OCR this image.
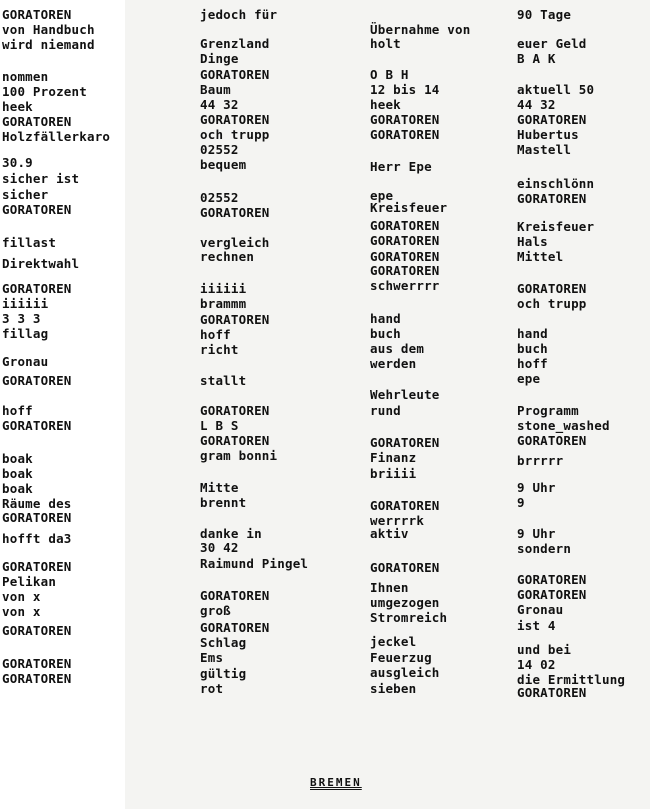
GORATOREN
von Handbuch
wird niemand
nommen
100 Prozent
heek
GORATOREN
Holzfällerkaro
30.9
sicher ist
sicher
GORATOREN
fillast
Direktwahl
GORATOREN
iiiiii
3 3 3
fillag
Gronau
GORATOREN
hoff
GORATOREN
boak
boak
boak
Räume des
GORATOREN
hofft da3
GORATOREN
Pelikan
von x
von x
GORATOREN
GORATOREN
GORATOREN
jedoch für
Grenzland
Dinge
GORATOREN
Baum
44 32
GORATOREN
och trupp
02552
bequem
02552
GORATOREN
vergleich
rechnen
iiiiii
brammm
GORATOREN
hoff
richt
stallt
GORATOREN
L B S
GORATOREN
gram bonni
Mitte
brennt
danke in
30 42
Raimund Pingel
GORATOREN
groß
GORATOREN
Schlag
Ems
gültig
rot
Übernahme von
holt
O B H
12 bis 14
heek
GORATOREN
GORATOREN
Herr Epe
epe
Kreisfeuer
GORATOREN
GORATOREN
GORATOREN
GORATOREN
schwerrrr
hand
buch
aus dem
werden
Wehrleute
rund
GORATOREN
Finanz
briiii
GORATOREN
werrrrk
aktiv
GORATOREN
Ihnen
umgezogen
Stromreich
jeckel
Feuerzug
ausgleich
sieben
90 Tage
euer Geld
B A K
aktuell 50
44 32
GORATOREN
Hubertus
Mastell
einschlönn
GORATOREN
Kreisfeuer
Hals
Mittel
GORATOREN
och trupp
hand
buch
hoff
epe
Programm
stone_washed
GORATOREN
brrrrr
9 Uhr
9
9 Uhr
sondern
GORATOREN
GORATOREN
Gronau
ist 4
und bei
14 02
die Ermittlung
GORATOREN
BREMEN
